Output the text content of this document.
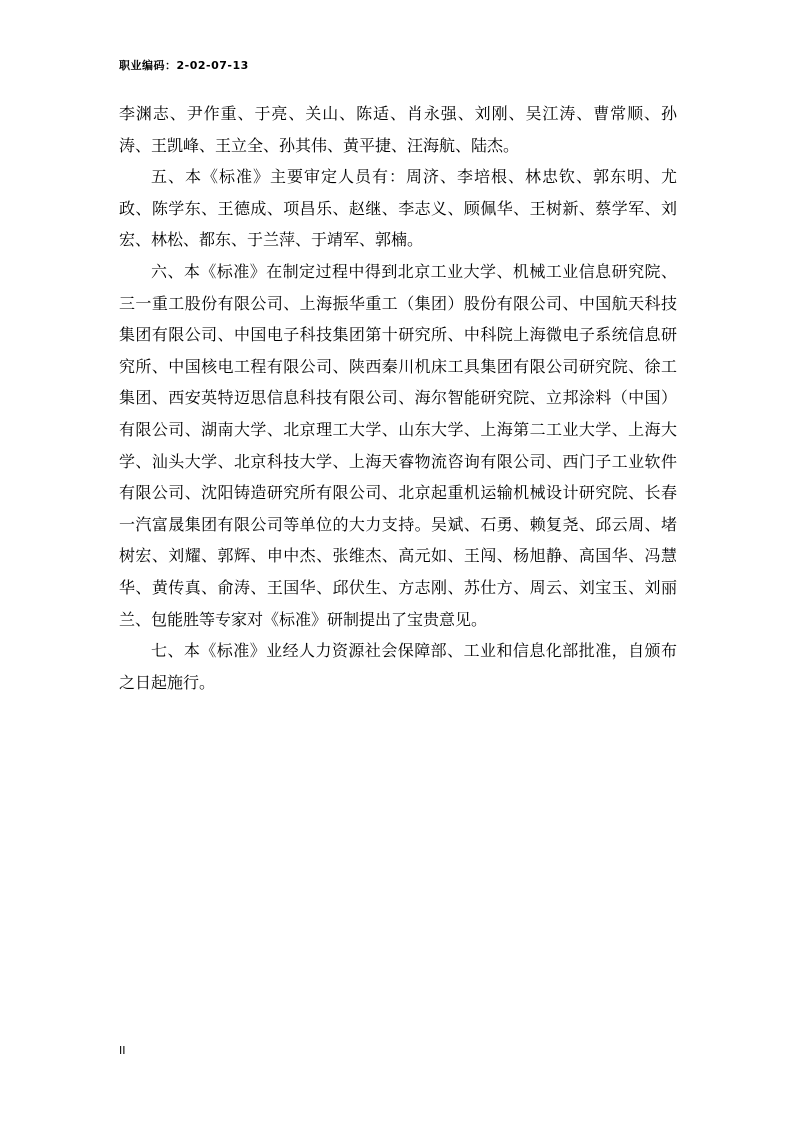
职业编码：2-02-07-13

李渊志、尹作重、于亮、关山、陈适、肖永强、刘刚、吴江涛、曹常顺、孙涛、王凯峰、王立全、孙其伟、黄平捷、汪海航、陆杰。

五、本《标准》主要审定人员有：周济、李培根、林忠钦、郭东明、尤政、陈学东、王德成、项昌乐、赵继、李志义、顾佩华、王树新、蔡学军、刘宏、林松、都东、于兰萍、于靖军、郭楠。

六、本《标准》在制定过程中得到北京工业大学、机械工业信息研究院、三一重工股份有限公司、上海振华重工（集团）股份有限公司、中国航天科技集团有限公司、中国电子科技集团第十研究所、中科院上海微电子系统信息研究所、中国核电工程有限公司、陕西秦川机床工具集团有限公司研究院、徐工集团、西安英特迈思信息科技有限公司、海尔智能研究院、立邦涂料（中国）有限公司、湖南大学、北京理工大学、山东大学、上海第二工业大学、上海大学、汕头大学、北京科技大学、上海天睿物流咨询有限公司、西门子工业软件有限公司、沈阳铸造研究所有限公司、北京起重机运输机械设计研究院、长春一汽富晟集团有限公司等单位的大力支持。吴斌、石勇、赖复尧、邱云周、堵树宏、刘耀、郭辉、申中杰、张维杰、高元如、王闯、杨旭静、高国华、冯慧华、黄传真、俞涛、王国华、邱伏生、方志刚、苏仕方、周云、刘宝玉、刘丽兰、包能胜等专家对《标准》研制提出了宝贵意见。

七、本《标准》业经人力资源社会保障部、工业和信息化部批准，自颁布之日起施行。

II
